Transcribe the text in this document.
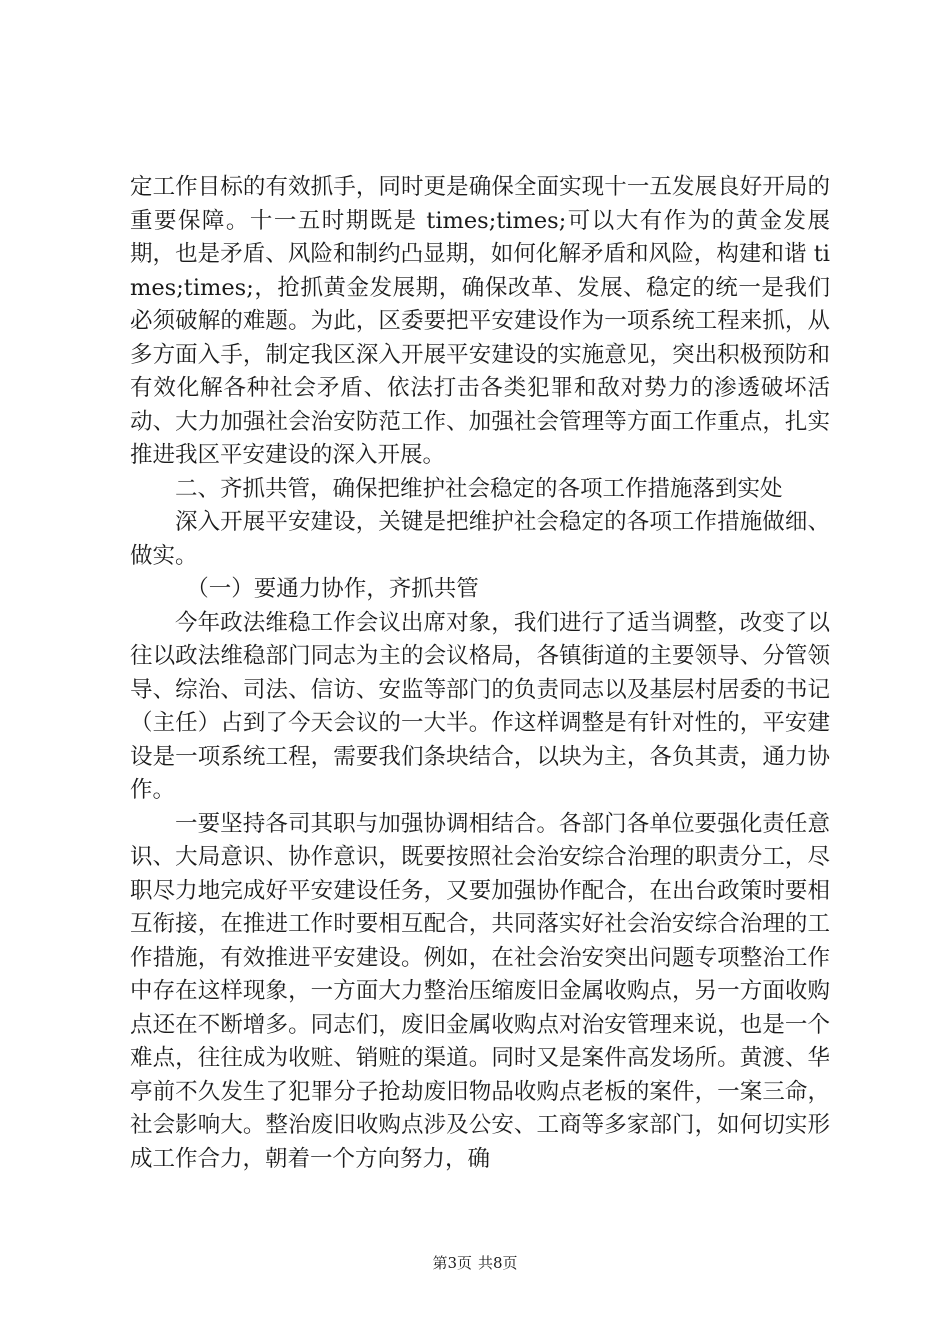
定工作目标的有效抓手，同时更是确保全面实现十一五发展良好开局的重要保障。十一五时期既是 times;times;可以大有作为的黄金发展期，也是矛盾、风险和制约凸显期，如何化解矛盾和风险，构建和谐 times;times;，抢抓黄金发展期，确保改革、发展、稳定的统一是我们必须破解的难题。为此，区委要把平安建设作为一项系统工程来抓，从多方面入手，制定我区深入开展平安建设的实施意见，突出积极预防和有效化解各种社会矛盾、依法打击各类犯罪和敌对势力的渗透破坏活动、大力加强社会治安防范工作、加强社会管理等方面工作重点，扎实推进我区平安建设的深入开展。

二、齐抓共管，确保把维护社会稳定的各项工作措施落到实处

深入开展平安建设，关键是把维护社会稳定的各项工作措施做细、做实。

（一）要通力协作，齐抓共管

今年政法维稳工作会议出席对象，我们进行了适当调整，改变了以往以政法维稳部门同志为主的会议格局，各镇街道的主要领导、分管领导、综治、司法、信访、安监等部门的负责同志以及基层村居委的书记（主任）占到了今天会议的一大半。作这样调整是有针对性的，平安建设是一项系统工程，需要我们条块结合，以块为主，各负其责，通力协作。

一要坚持各司其职与加强协调相结合。各部门各单位要强化责任意识、大局意识、协作意识，既要按照社会治安综合治理的职责分工，尽职尽力地完成好平安建设任务，又要加强协作配合，在出台政策时要相互衔接，在推进工作时要相互配合，共同落实好社会治安综合治理的工作措施，有效推进平安建设。例如，在社会治安突出问题专项整治工作中存在这样现象，一方面大力整治压缩废旧金属收购点，另一方面收购点还在不断增多。同志们，废旧金属收购点对治安管理来说，也是一个难点，往往成为收赃、销赃的渠道。同时又是案件高发场所。黄渡、华亭前不久发生了犯罪分子抢劫废旧物品收购点老板的案件，一案三命，社会影响大。整治废旧收购点涉及公安、工商等多家部门，如何切实形成工作合力，朝着一个方向努力，确

第3页 共8页
